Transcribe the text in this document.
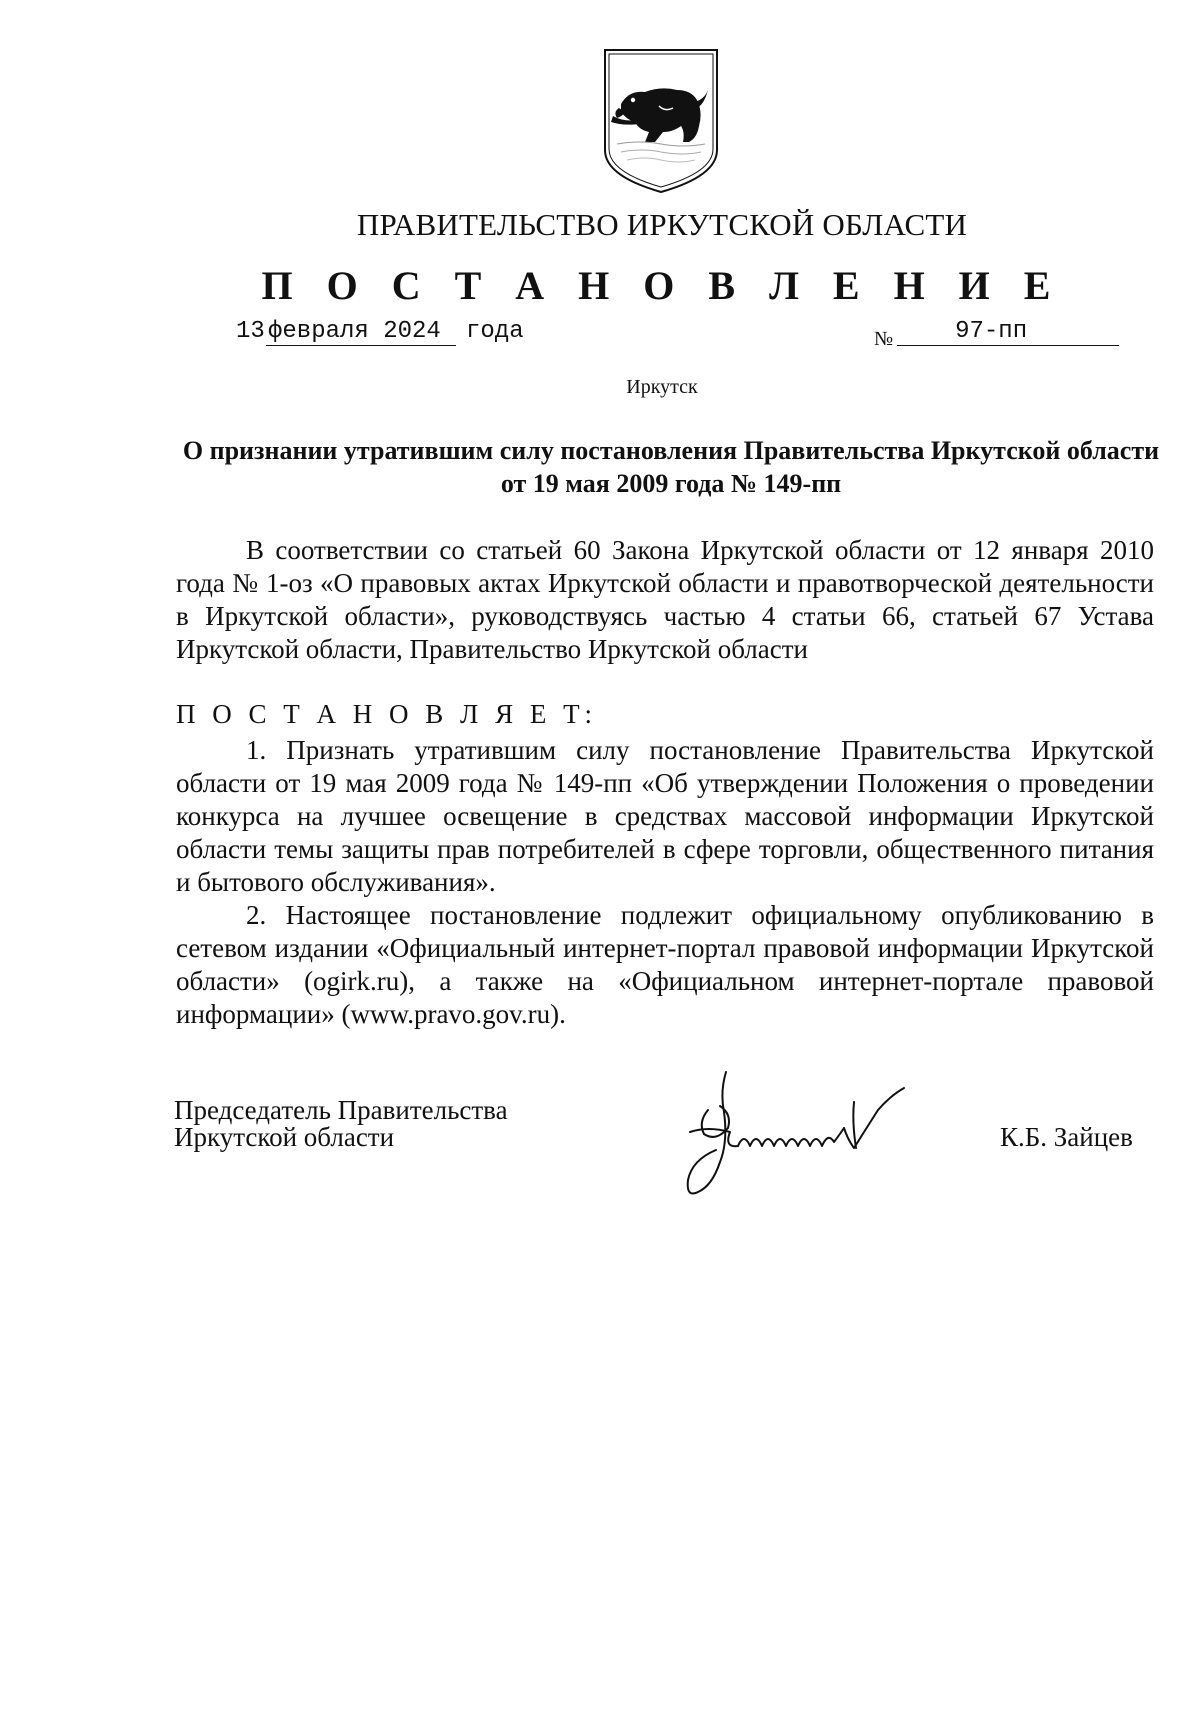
ПРАВИТЕЛЬСТВО ИРКУТСКОЙ ОБЛАСТИ
П О С Т А Н О В Л Е Н И Е
13 февраля 2024 года	$_№$	97-пп
Иркутск
О признании утратившим силу постановления Правительства Иркутской области от 19 мая 2009 года № 149-пп

В соответствии со статьей 60 Закона Иркутской области от 12 января 2010 года № 1-оз «О правовых актах Иркутской области и правотворческой деятельности в Иркутской области», руководствуясь частью 4 статьи 66, статьей 67 Устава Иркутской области, Правительство Иркутской области

П О С Т А Н О В Л Я Е Т:

1. Признать утратившим силу постановление Правительства Иркутской области от 19 мая 2009 года № 149-пп «Об утверждении Положения о проведении конкурса на лучшее освещение в средствах массовой информации Иркутской области темы защиты прав потребителей в сфере торговли, общественного питания и бытового обслуживания».

2. Настоящее постановление подлежит официальному опубликованию в сетевом издании «Официальный интернет-портал правовой информации Иркутской области» (ogirk.ru), а также на «Официальном интернет-портале правовой информации» (www.pravo.gov.ru).

Председатель Правительства
Иркутской области	К.Б. Зайцев
